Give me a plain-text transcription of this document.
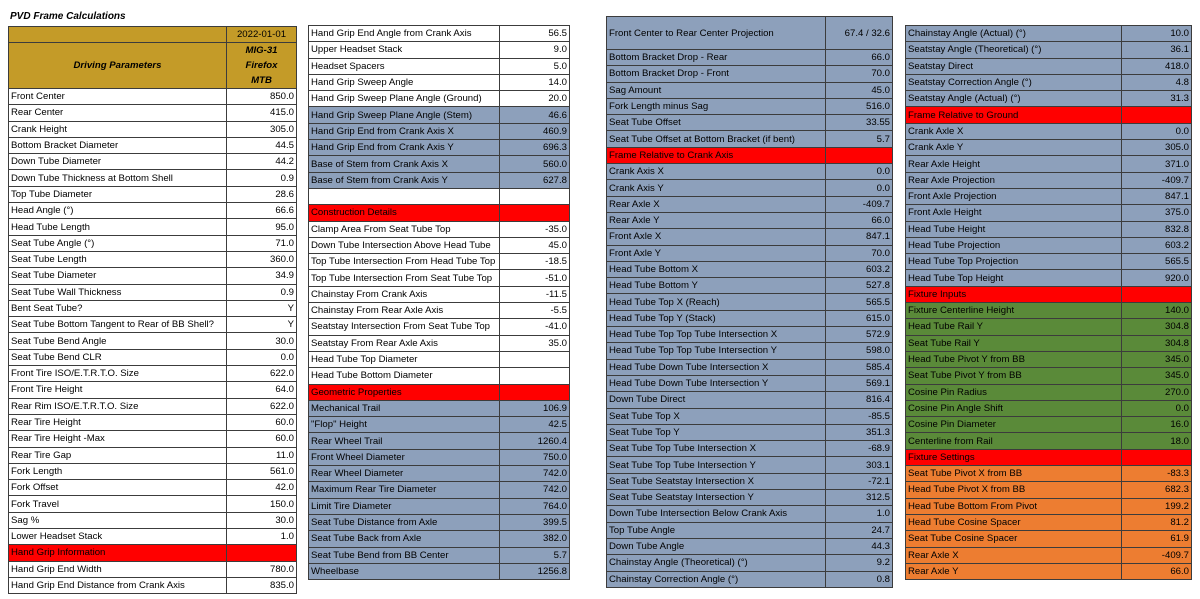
PVD Frame Calculations
2022-01-01
Driving Parameters
MIG-31
Firefox
MTB
Front Center	850.0
Rear Center	415.0
Crank Height	305.0
Bottom Bracket Diameter	44.5
Down Tube Diameter	44.2
Down Tube Thickness at Bottom Shell	0.9
Top Tube Diameter	28.6
Head Angle (°)	66.6
Head Tube Length	95.0
Seat Tube Angle (°)	71.0
Seat Tube Length	360.0
Seat Tube Diameter	34.9
Seat Tube Wall Thickness	0.9
Bent Seat Tube?	Y
Seat Tube Bottom Tangent to Rear of BB Shell?	Y
Seat Tube Bend Angle	30.0
Seat Tube Bend CLR	0.0
Front Tire ISO/E.T.R.T.O. Size	622.0
Front Tire Height	64.0
Rear Rim ISO/E.T.R.T.O. Size	622.0
Rear Tire Height	60.0
Rear Tire Height -Max	60.0
Rear Tire Gap	11.0
Fork Length	561.0
Fork Offset	42.0
Fork Travel	150.0
Sag %	30.0
Lower Headset Stack	1.0
Hand Grip Information
Hand Grip End Width	780.0
Hand Grip End Distance from Crank Axis	835.0
Hand Grip End Angle from Crank Axis	56.5
Upper Headset Stack	9.0
Headset Spacers	5.0
Hand Grip Sweep Angle	14.0
Hand Grip Sweep Plane Angle (Ground)	20.0
Hand Grip Sweep Plane Angle (Stem)	46.6
Hand Grip End from Crank Axis X	460.9
Hand Grip End from Crank Axis Y	696.3
Base of Stem from Crank Axis X	560.0
Base of Stem from Crank Axis Y	627.8
Construction Details
Clamp Area From Seat Tube Top	-35.0
Down Tube Intersection Above Head Tube	45.0
Top Tube Intersection From Head Tube Top	-18.5
Top Tube Intersection From Seat Tube Top	-51.0
Chainstay From Crank Axis	-11.5
Chainstay From Rear Axle Axis	-5.5
Seatstay Intersection From Seat Tube Top	-41.0
Seatstay From Rear Axle Axis	35.0
Head Tube Top Diameter
Head Tube Bottom Diameter
Geometric Properties
Mechanical Trail	106.9
"Flop" Height	42.5
Rear Wheel Trail	1260.4
Front Wheel Diameter	750.0
Rear Wheel Diameter	742.0
Maximum Rear Tire Diameter	742.0
Limit Tire Diameter	764.0
Seat Tube Distance from Axle	399.5
Seat Tube Back from Axle	382.0
Seat Tube Bend from BB Center	5.7
Wheelbase	1256.8
Front Center to Rear Center Projection	67.4 / 32.6
Bottom Bracket Drop - Rear	66.0
Bottom Bracket Drop - Front	70.0
Sag Amount	45.0
Fork Length minus Sag	516.0
Seat Tube Offset	33.55
Seat Tube Offset at Bottom Bracket (if bent)	5.7
Frame Relative to Crank Axis
Crank Axis X	0.0
Crank Axis Y	0.0
Rear Axle X	-409.7
Rear Axle Y	66.0
Front Axle X	847.1
Front Axle Y	70.0
Head Tube Bottom X	603.2
Head Tube Bottom Y	527.8
Head Tube Top X (Reach)	565.5
Head Tube Top Y (Stack)	615.0
Head Tube Top Top Tube Intersection X	572.9
Head Tube Top Top Tube Intersection Y	598.0
Head Tube Down Tube Intersection X	585.4
Head Tube Down Tube Intersection Y	569.1
Down Tube Direct	816.4
Seat Tube Top X	-85.5
Seat Tube Top Y	351.3
Seat Tube Top Tube Intersection X	-68.9
Seat Tube Top Tube Intersection Y	303.1
Seat Tube Seatstay Intersection X	-72.1
Seat Tube Seatstay Intersection Y	312.5
Down Tube Intersection Below Crank Axis	1.0
Top Tube Angle	24.7
Down Tube Angle	44.3
Chainstay Angle (Theoretical) (°)	9.2
Chainstay Correction Angle (°)	0.8
Chainstay Angle (Actual) (°)	10.0
Seatstay Angle (Theoretical) (°)	36.1
Seatstay Direct	418.0
Seatstay Correction Angle (°)	4.8
Seatstay Angle (Actual) (°)	31.3
Frame Relative to Ground
Crank Axle X	0.0
Crank Axle Y	305.0
Rear Axle Height	371.0
Rear Axle Projection	-409.7
Front Axle Projection	847.1
Front Axle Height	375.0
Head Tube Height	832.8
Head Tube Projection	603.2
Head Tube Top Projection	565.5
Head Tube Top Height	920.0
Fixture Inputs
Fixture Centerline Height	140.0
Head Tube Rail Y	304.8
Seat Tube Rail Y	304.8
Head Tube Pivot Y from BB	345.0
Seat Tube Pivot Y from BB	345.0
Cosine Pin Radius	270.0
Cosine Pin Angle Shift	0.0
Cosine Pin Diameter	16.0
Centerline from Rail	18.0
Fixture Settings
Seat Tube Pivot X from BB	-83.3
Head Tube Pivot X from BB	682.3
Head Tube Bottom From Pivot	199.2
Head Tube Cosine Spacer	81.2
Seat Tube Cosine Spacer	61.9
Rear Axle X	-409.7
Rear Axle Y	66.0
